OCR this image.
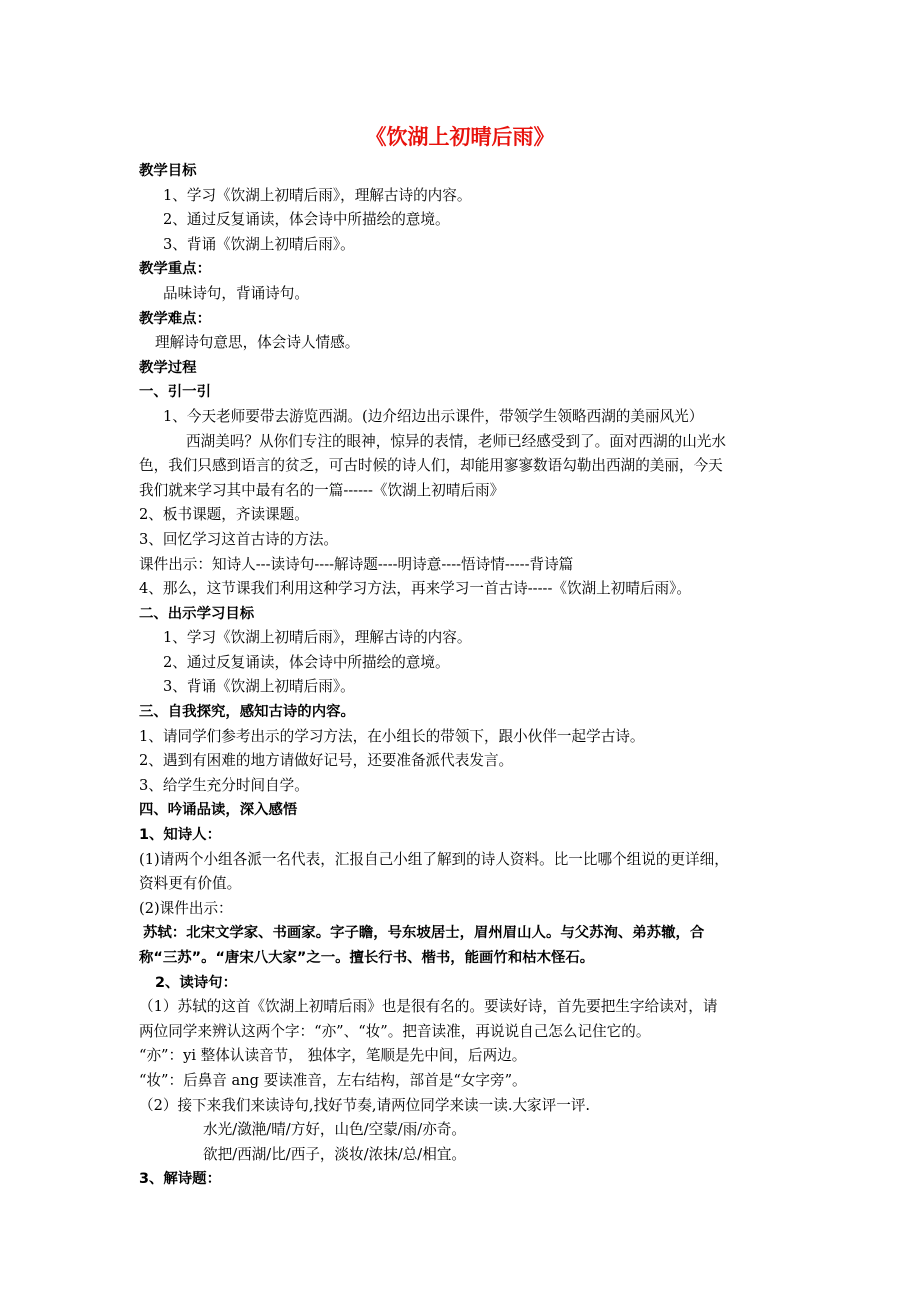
《饮湖上初晴后雨》
教学目标
1、学习《饮湖上初晴后雨》，理解古诗的内容。
2、通过反复诵读，体会诗中所描绘的意境。
3、背诵《饮湖上初晴后雨》。
教学重点：
品味诗句，背诵诗句。
教学难点：
理解诗句意思，体会诗人情感。
教学过程
一、引一引
1、今天老师要带去游览西湖。(边介绍边出示课件，带领学生领略西湖的美丽风光）
西湖美吗？从你们专注的眼神，惊异的表情，老师已经感受到了。面对西湖的山光水
色，我们只感到语言的贫乏，可古时候的诗人们，却能用寥寥数语勾勒出西湖的美丽，今天
我们就来学习其中最有名的一篇------《饮湖上初晴后雨》
2、板书课题，齐读课题。
3、回忆学习这首古诗的方法。
课件出示：知诗人---读诗句----解诗题----明诗意----悟诗情-----背诗篇
4、那么，这节课我们利用这种学习方法，再来学习一首古诗-----《饮湖上初晴后雨》。
二、出示学习目标
1、学习《饮湖上初晴后雨》，理解古诗的内容。
2、通过反复诵读，体会诗中所描绘的意境。
3、背诵《饮湖上初晴后雨》。
三、自我探究，感知古诗的内容。
1、请同学们参考出示的学习方法，在小组长的带领下，跟小伙伴一起学古诗。
2、遇到有困难的地方请做好记号，还要准备派代表发言。
3、给学生充分时间自学。
四、吟诵品读，深入感悟
1、知诗人：
(1)请两个小组各派一名代表，汇报自己小组了解到的诗人资料。比一比哪个组说的更详细，
资料更有价值。
(2)课件出示：
苏轼：北宋文学家、书画家。字子瞻，号东坡居士，眉州眉山人。与父苏洵、弟苏辙，合
称“三苏”。“唐宋八大家”之一。擅长行书、楷书，能画竹和枯木怪石。
2、读诗句：
（1）苏轼的这首《饮湖上初晴后雨》也是很有名的。要读好诗，首先要把生字给读对，请
两位同学来辨认这两个字：“亦”、“妆”。把音读准，再说说自己怎么记住它的。
“亦”：yi 整体认读音节， 独体字，笔顺是先中间，后两边。
“妆”：后鼻音 ang 要读准音，左右结构，部首是“女字旁”。
（2）接下来我们来读诗句,找好节奏,请两位同学来读一读.大家评一评.
水光/潋滟/晴/方好，山色/空蒙/雨/亦奇。
欲把/西湖/比/西子，淡妆/浓抹/总/相宜。
3、解诗题：
